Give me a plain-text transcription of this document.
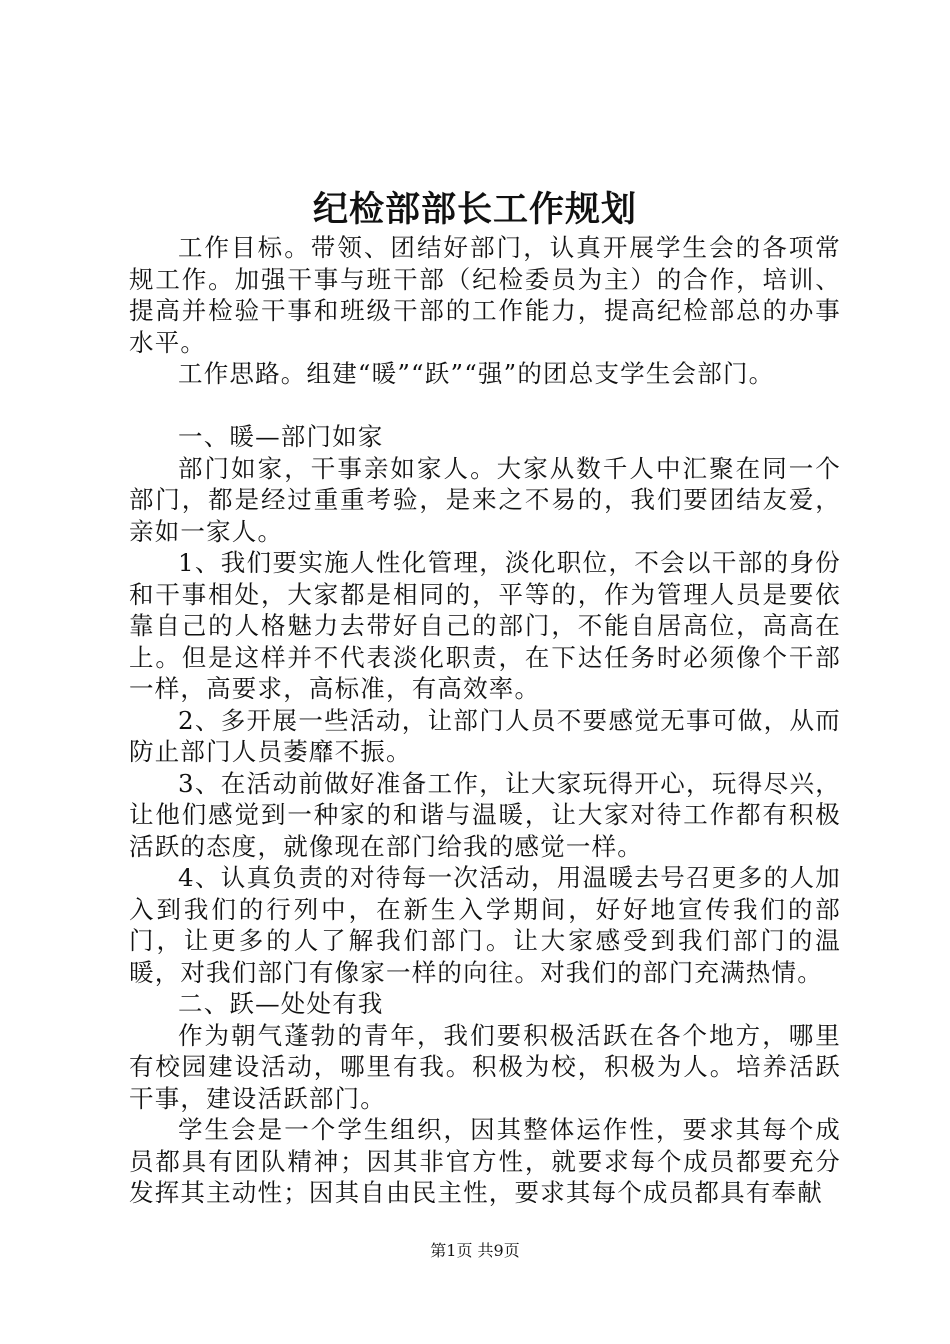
纪检部部长工作规划

工作目标。带领、团结好部门，认真开展学生会的各项常规工作。加强干事与班干部（纪检委员为主）的合作，培训、提高并检验干事和班级干部的工作能力，提高纪检部总的办事水平。

工作思路。组建“暖”“跃”“强”的团总支学生会部门。

一、暖—部门如家

部门如家，干事亲如家人。大家从数千人中汇聚在同一个部门，都是经过重重考验，是来之不易的，我们要团结友爱，亲如一家人。

1、我们要实施人性化管理，淡化职位，不会以干部的身份和干事相处，大家都是相同的，平等的，作为管理人员是要依靠自己的人格魅力去带好自己的部门，不能自居高位，高高在上。但是这样并不代表淡化职责，在下达任务时必须像个干部一样，高要求，高标准，有高效率。

2、多开展一些活动，让部门人员不要感觉无事可做，从而防止部门人员萎靡不振。

3、在活动前做好准备工作，让大家玩得开心，玩得尽兴，让他们感觉到一种家的和谐与温暖，让大家对待工作都有积极活跃的态度，就像现在部门给我的感觉一样。

4、认真负责的对待每一次活动，用温暖去号召更多的人加入到我们的行列中，在新生入学期间，好好地宣传我们的部门，让更多的人了解我们部门。让大家感受到我们部门的温暖，对我们部门有像家一样的向往。对我们的部门充满热情。

二、跃—处处有我

作为朝气蓬勃的青年，我们要积极活跃在各个地方，哪里有校园建设活动，哪里有我。积极为校，积极为人。培养活跃干事，建设活跃部门。

学生会是一个学生组织，因其整体运作性，要求其每个成员都具有团队精神；因其非官方性，就要求每个成员都要充分发挥其主动性；因其自由民主性，要求其每个成员都具有奉献

第1页 共9页
